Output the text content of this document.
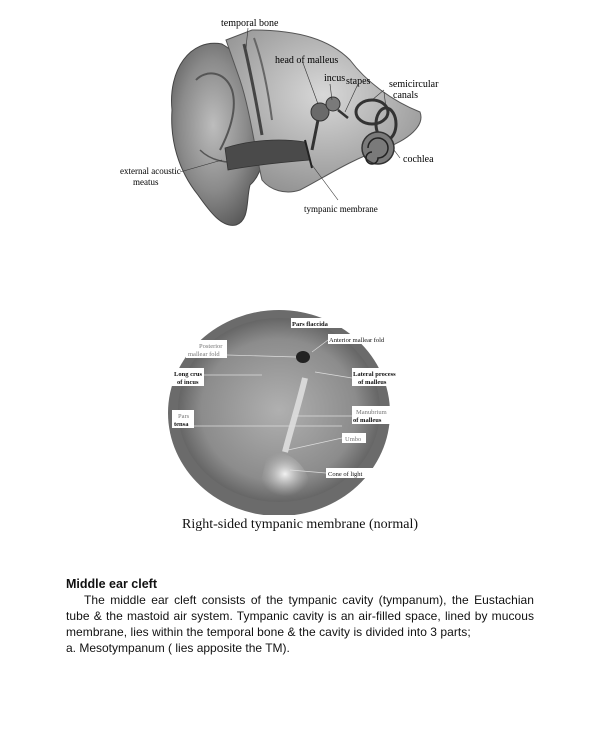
temporal bone
head of malleus
incus stapes semicircular
canals
cochlea
external acoustic
meatus
tympanic membrane
Pars flaccida
Anterior mallear fold
Posterior
mallear fold
Long crus
of incus
Lateral process
of malleus
Pars
tensa
Manubrium
of malleus
Umbo
Cone of light
Right-sided tympanic membrane (normal)
Middle ear cleft
The middle ear cleft consists of the tympanic cavity (tympanum), the Eustachian tube & the mastoid air system. Tympanic cavity is an air-filled space, lined by mucous membrane, lies within the temporal bone & the cavity is divided into 3 parts;
a. Mesotympanum ( lies apposite the TM).
